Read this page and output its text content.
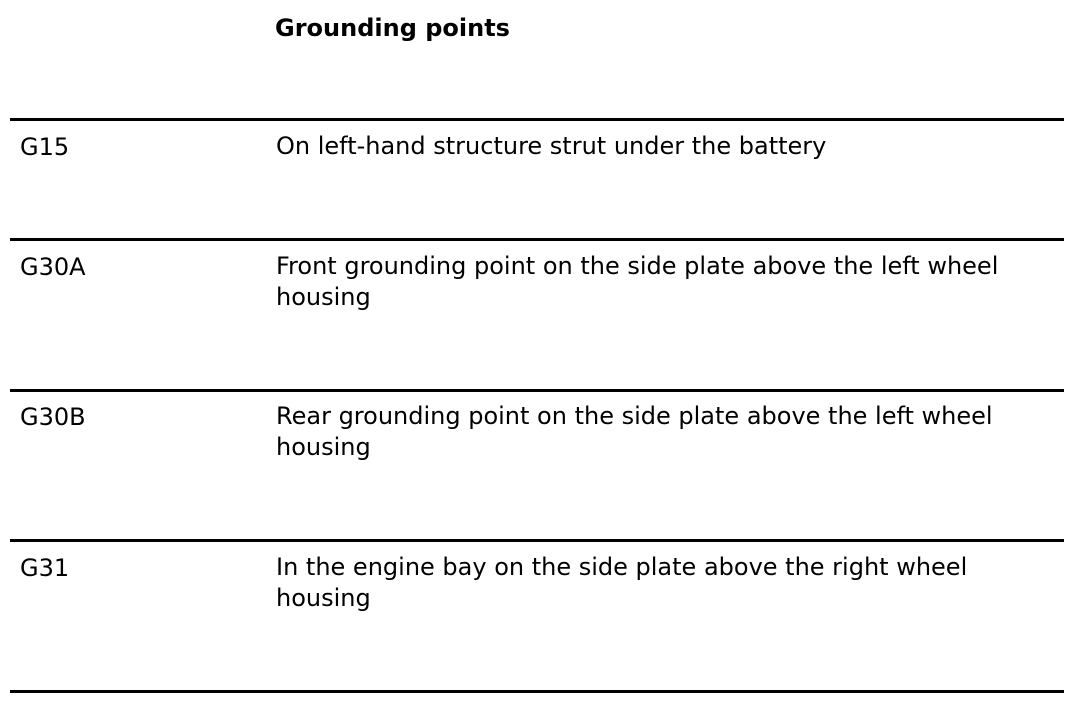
Grounding points
G15	On left-hand structure strut under the battery
G30A	Front grounding point on the side plate above the left wheel housing
G30B	Rear grounding point on the side plate above the left wheel housing
G31	In the engine bay on the side plate above the right wheel housing
